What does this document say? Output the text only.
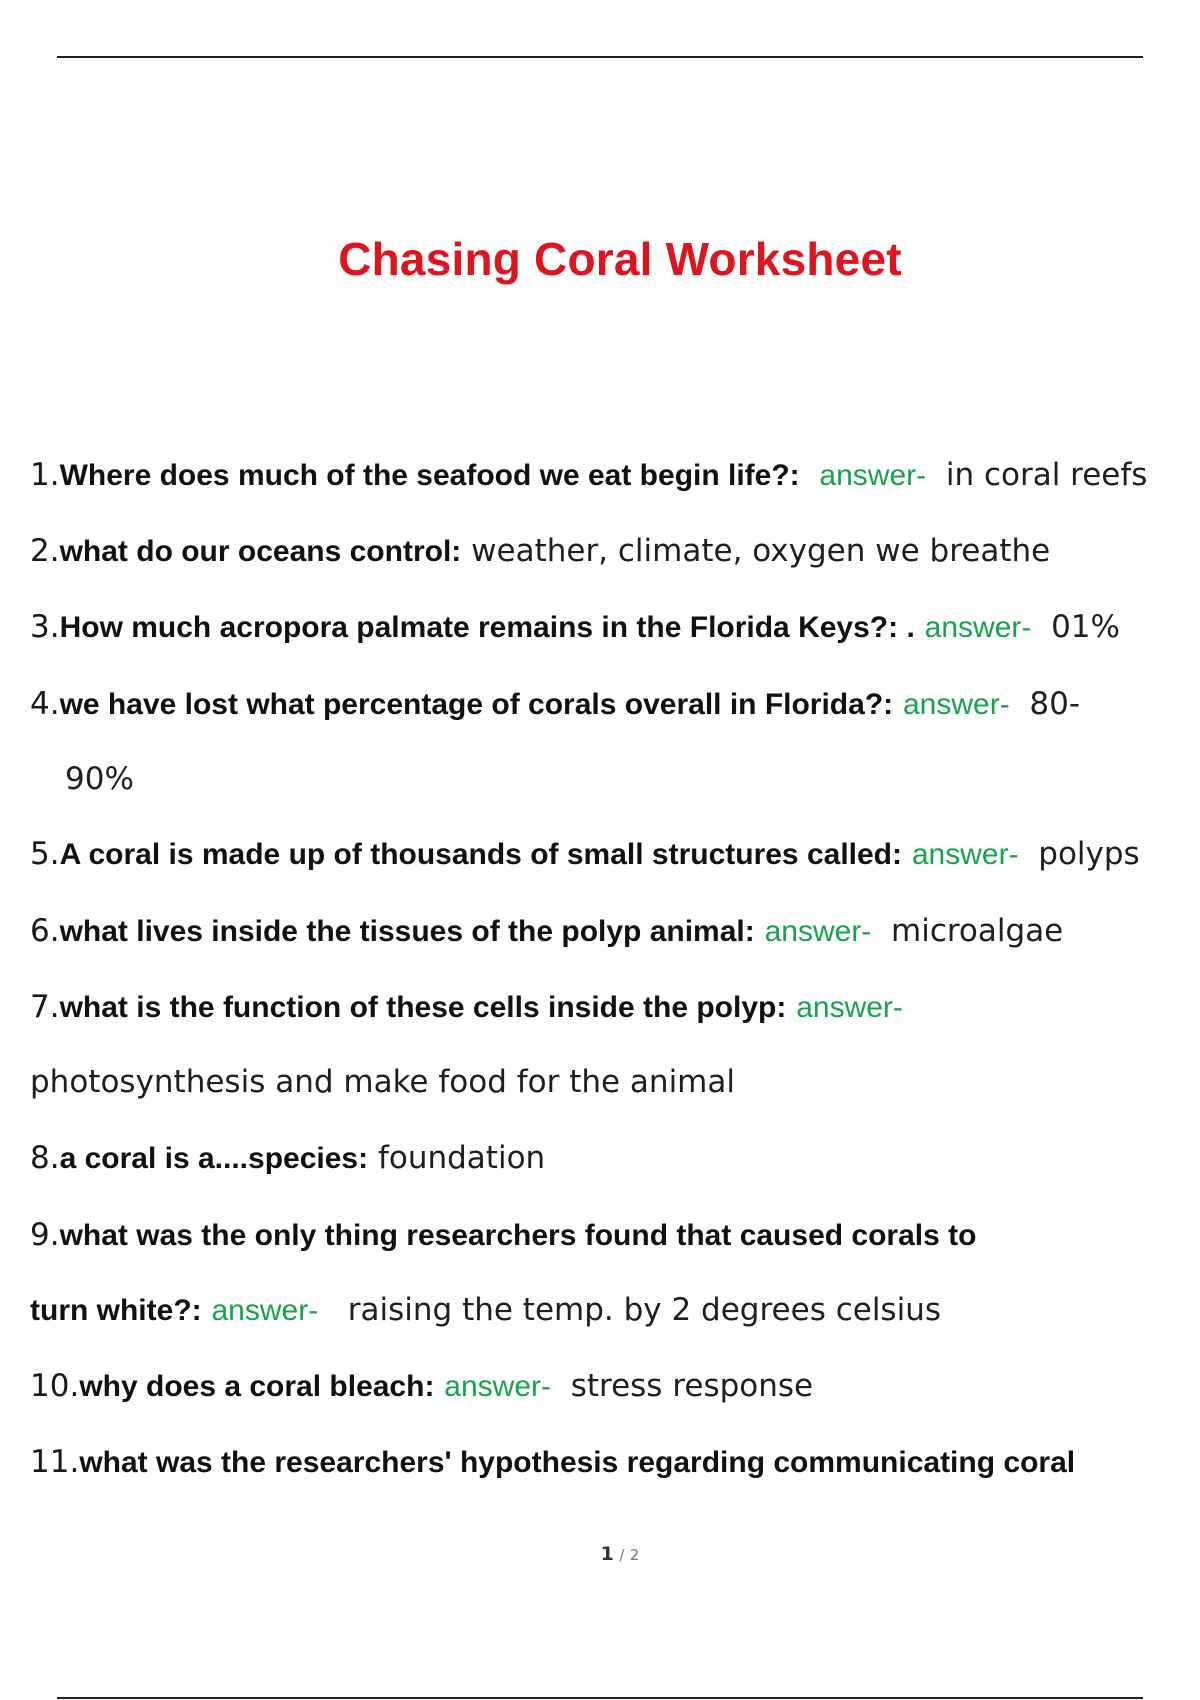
Chasing Coral Worksheet
1.Where does much of the seafood we eat begin life?: answer- in coral reefs
2.what do our oceans control: weather, climate, oxygen we breathe
3.How much acropora palmate remains in the Florida Keys?: . answer- 01%
4.we have lost what percentage of corals overall in Florida?: answer- 80-
90%
5.A coral is made up of thousands of small structures called: answer- polyps
6.what lives inside the tissues of the polyp animal: answer- microalgae
7.what is the function of these cells inside the polyp: answer-
photosynthesis and make food for the animal
8.a coral is a....species: foundation
9.what was the only thing researchers found that caused corals to
turn white?: answer- raising the temp. by 2 degrees celsius
10.why does a coral bleach: answer- stress response
11.what was the researchers' hypothesis regarding communicating coral
1 / 2
